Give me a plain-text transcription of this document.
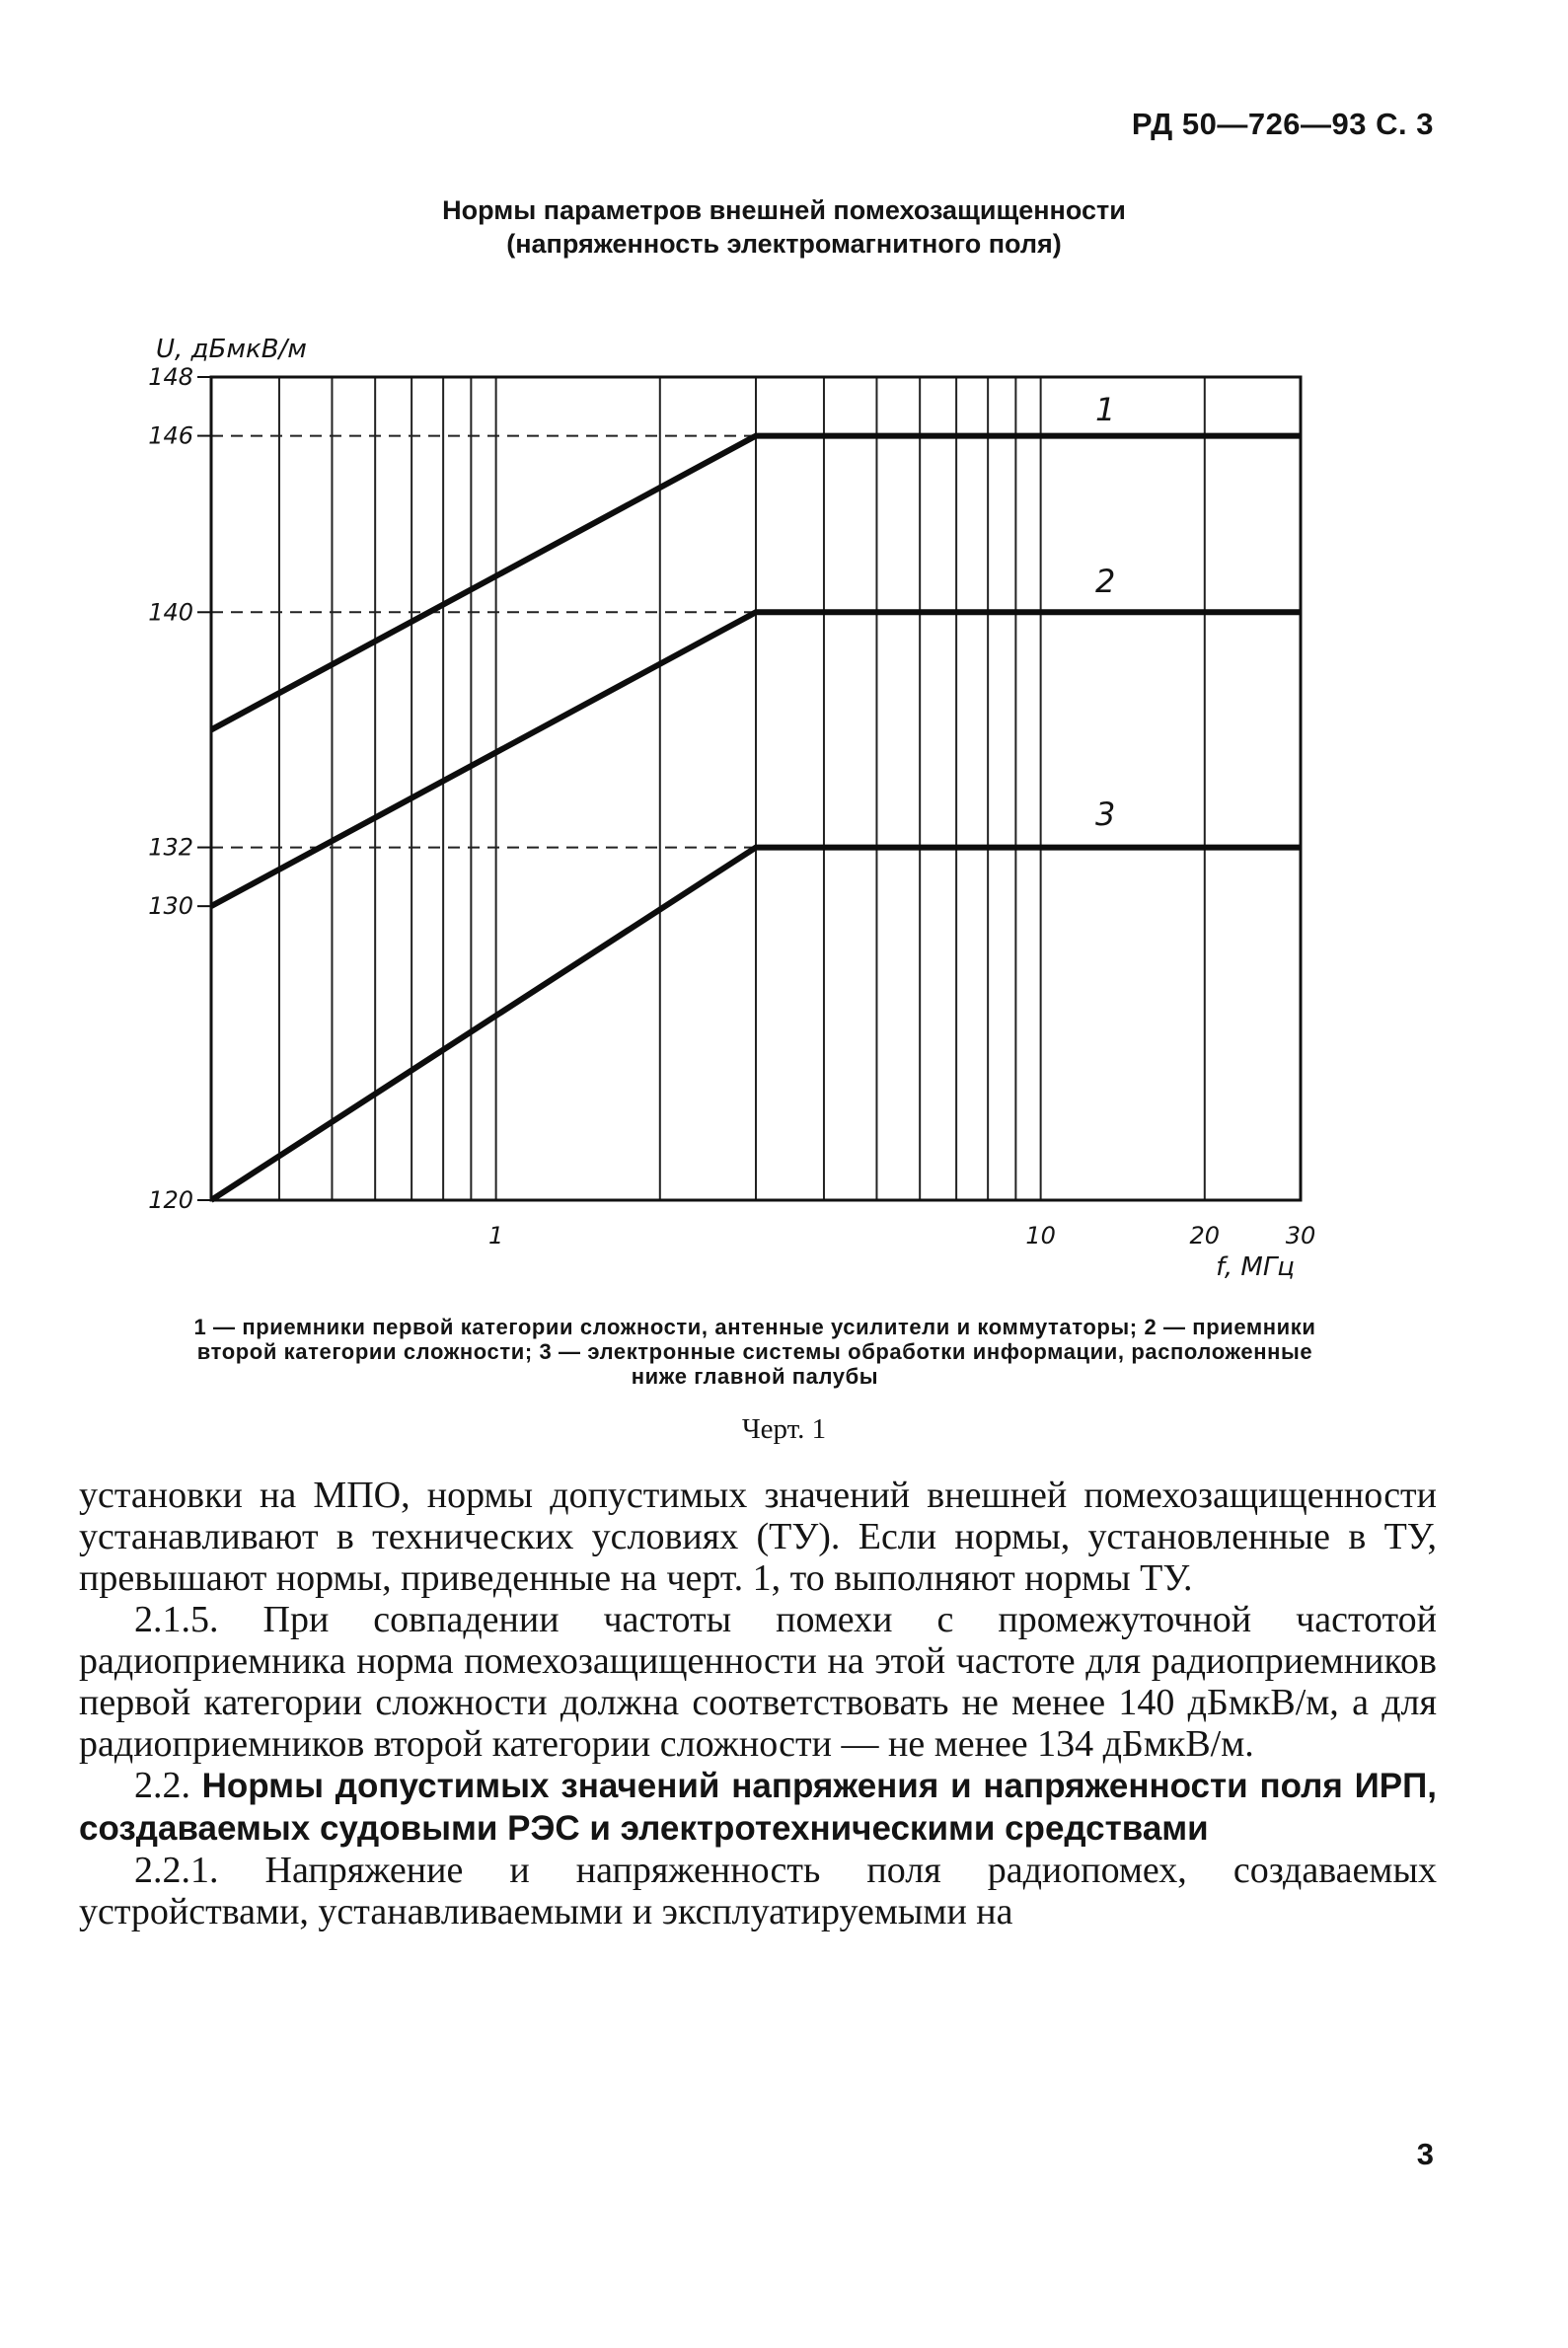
РД 50—726—93 С. 3
Нормы параметров внешней помехозащищенности
(напряженность электромагнитного поля)
148
146
140
132
130
120
1	10	20	30
U, дБмкВ/м
f, МГц
1
2
3
1 — приемники первой категории сложности, антенные усилители и коммутаторы; 2 — приемники второй категории сложности; 3 — электронные системы обработки информации, расположенные ниже главной палубы
Черт. 1

установки на МПО, нормы допустимых значений внешней помехозащищенности устанавливают в технических условиях (ТУ). Если нормы, установленные в ТУ, превышают нормы, приведенные на черт. 1, то выполняют нормы ТУ.

2.1.5. При совпадении частоты помехи с промежуточной частотой радиоприемника норма помехозащищенности на этой частоте для радиоприемников первой категории сложности должна соответствовать не менее 140 дБмкВ/м, а для радиоприемников второй категории сложности — не менее 134 дБмкВ/м.

2.2. Нормы допустимых значений напряжения и напряженности поля ИРП, создаваемых судовыми РЭС и электротехническими средствами

2.2.1. Напряжение и напряженность поля радиопомех, создаваемых устройствами, устанавливаемыми и эксплуатируемыми на

3
